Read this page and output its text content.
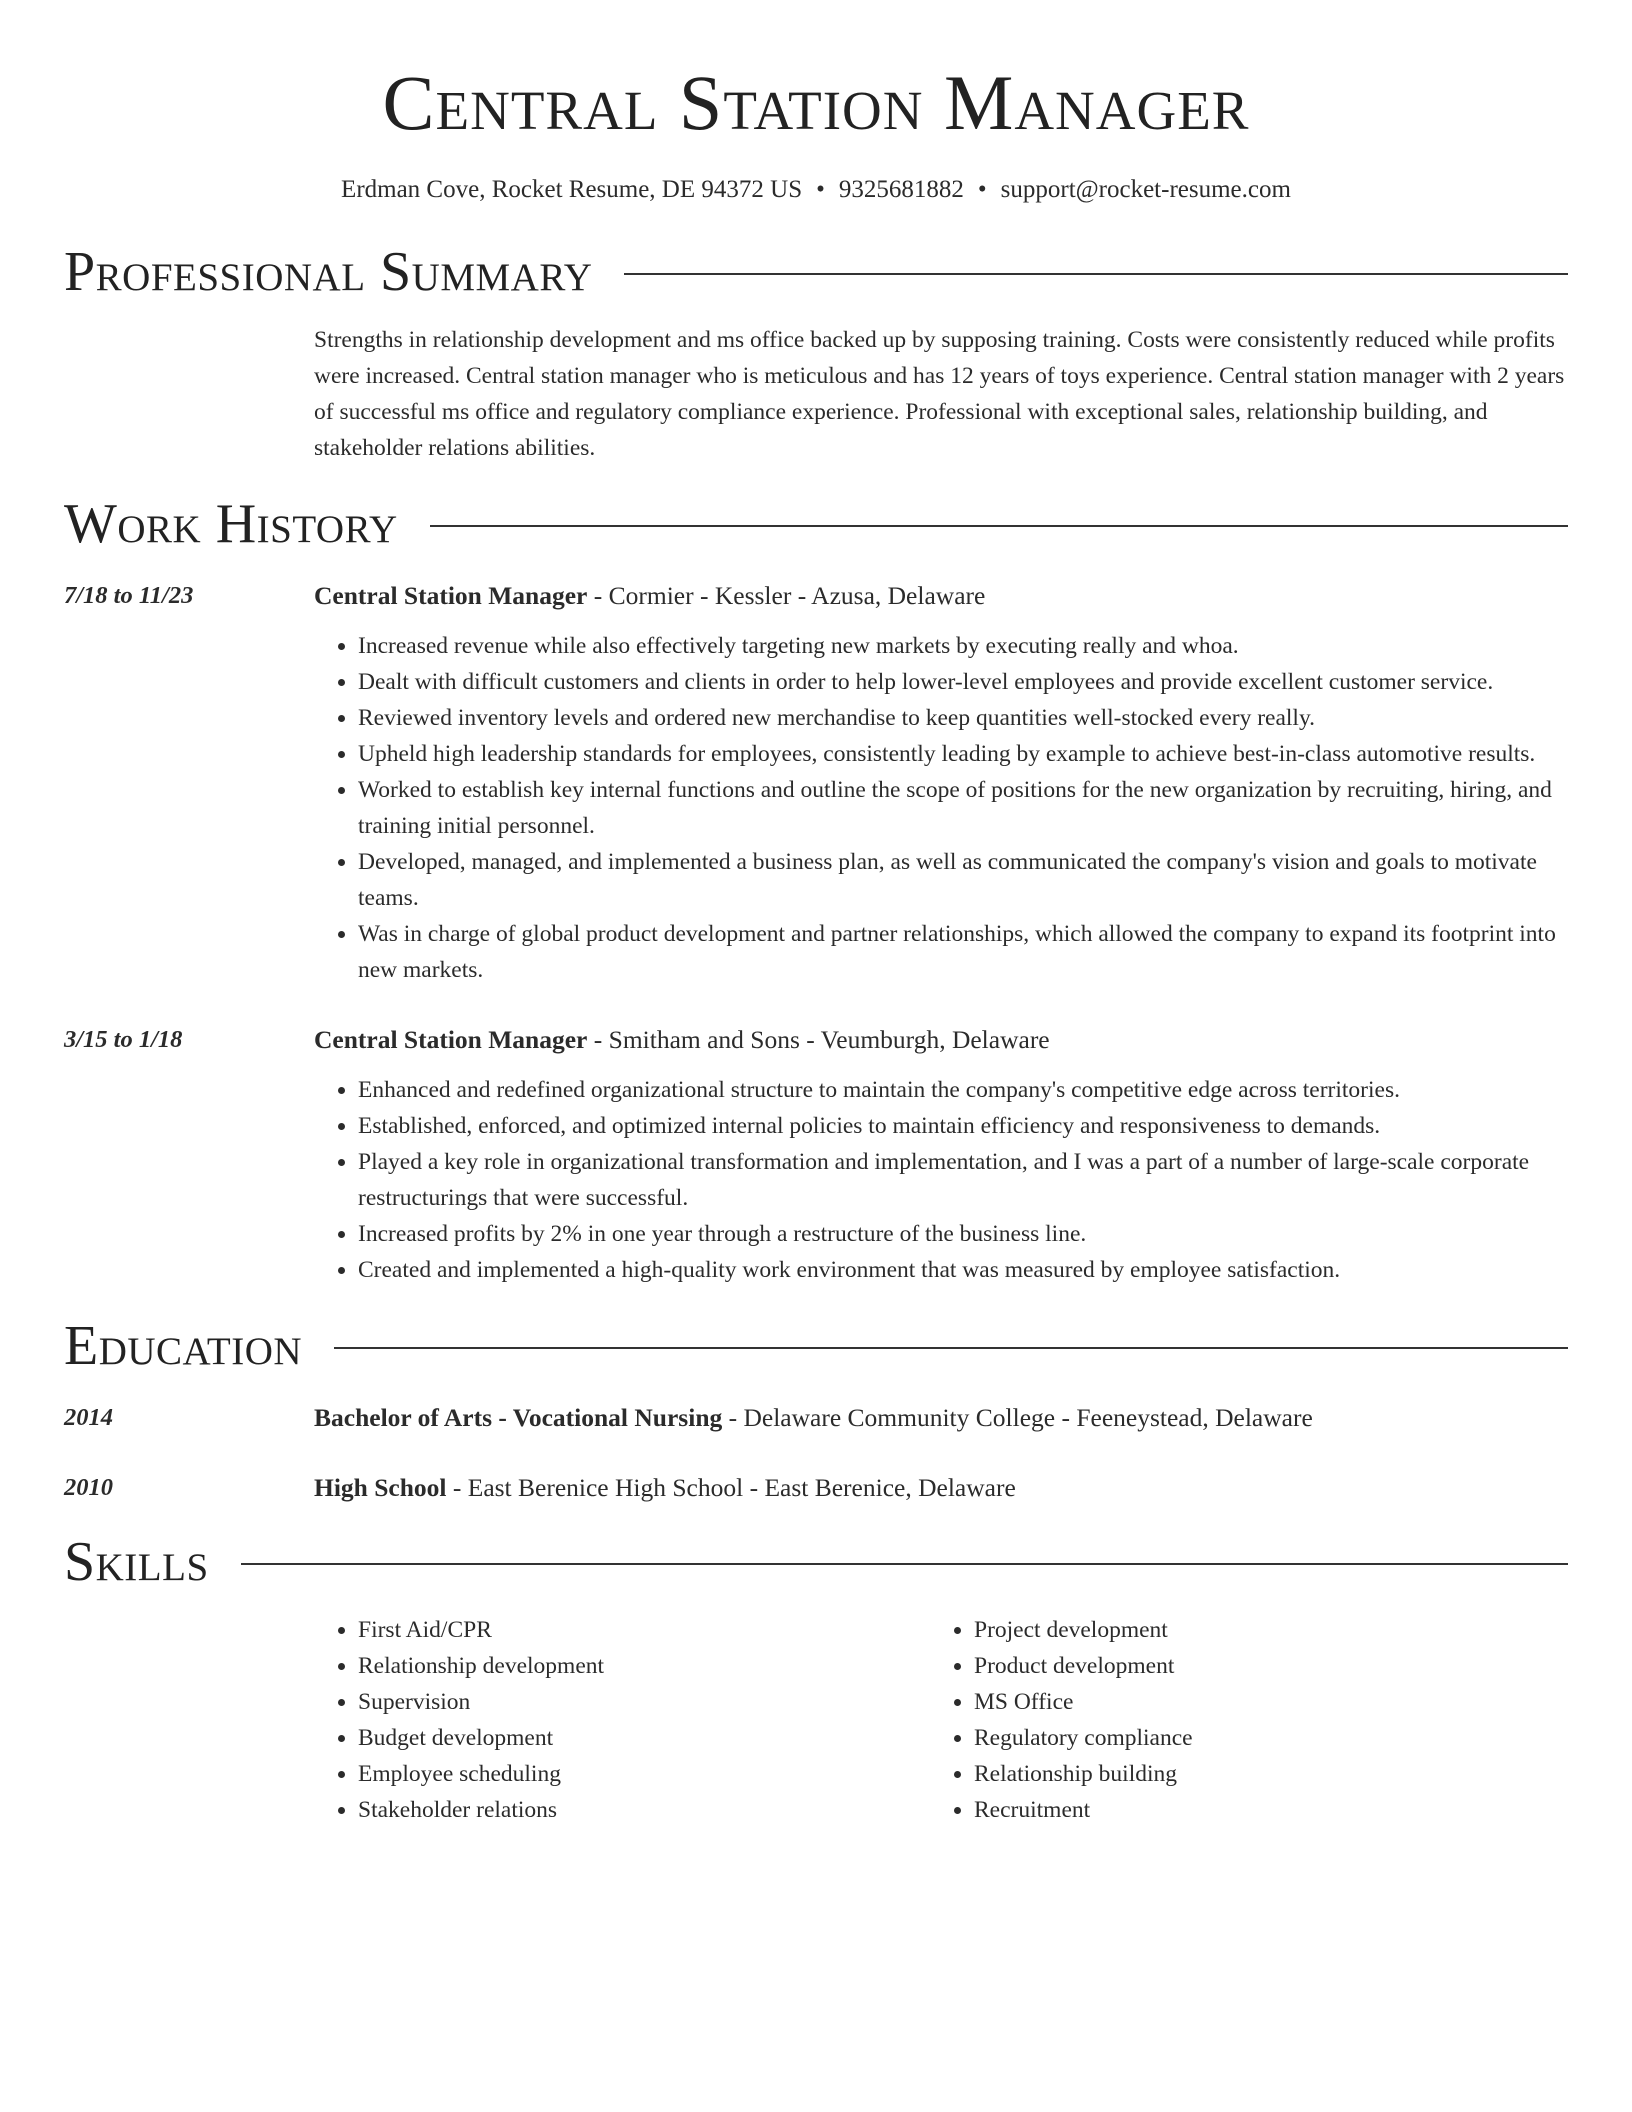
Central Station Manager
Erdman Cove, Rocket Resume, DE 94372 US • 9325681882 • support@rocket-resume.com
Professional Summary
Strengths in relationship development and ms office backed up by supposing training. Costs were consistently reduced while profits were increased. Central station manager who is meticulous and has 12 years of toys experience. Central station manager with 2 years of successful ms office and regulatory compliance experience. Professional with exceptional sales, relationship building, and stakeholder relations abilities.
Work History
7/18 to 11/23	Central Station Manager - Cormier - Kessler - Azusa, Delaware
• Increased revenue while also effectively targeting new markets by executing really and whoa.
• Dealt with difficult customers and clients in order to help lower-level employees and provide excellent customer service.
• Reviewed inventory levels and ordered new merchandise to keep quantities well-stocked every really.
• Upheld high leadership standards for employees, consistently leading by example to achieve best-in-class automotive results.
• Worked to establish key internal functions and outline the scope of positions for the new organization by recruiting, hiring, and training initial personnel.
• Developed, managed, and implemented a business plan, as well as communicated the company's vision and goals to motivate teams.
• Was in charge of global product development and partner relationships, which allowed the company to expand its footprint into new markets.
3/15 to 1/18	Central Station Manager - Smitham and Sons - Veumburgh, Delaware
• Enhanced and redefined organizational structure to maintain the company's competitive edge across territories.
• Established, enforced, and optimized internal policies to maintain efficiency and responsiveness to demands.
• Played a key role in organizational transformation and implementation, and I was a part of a number of large-scale corporate restructurings that were successful.
• Increased profits by 2% in one year through a restructure of the business line.
• Created and implemented a high-quality work environment that was measured by employee satisfaction.
Education
2014	Bachelor of Arts - Vocational Nursing - Delaware Community College - Feeneystead, Delaware
2010	High School - East Berenice High School - East Berenice, Delaware
Skills
• First Aid/CPR
• Relationship development
• Supervision
• Budget development
• Employee scheduling
• Stakeholder relations
• Project development
• Product development
• MS Office
• Regulatory compliance
• Relationship building
• Recruitment
